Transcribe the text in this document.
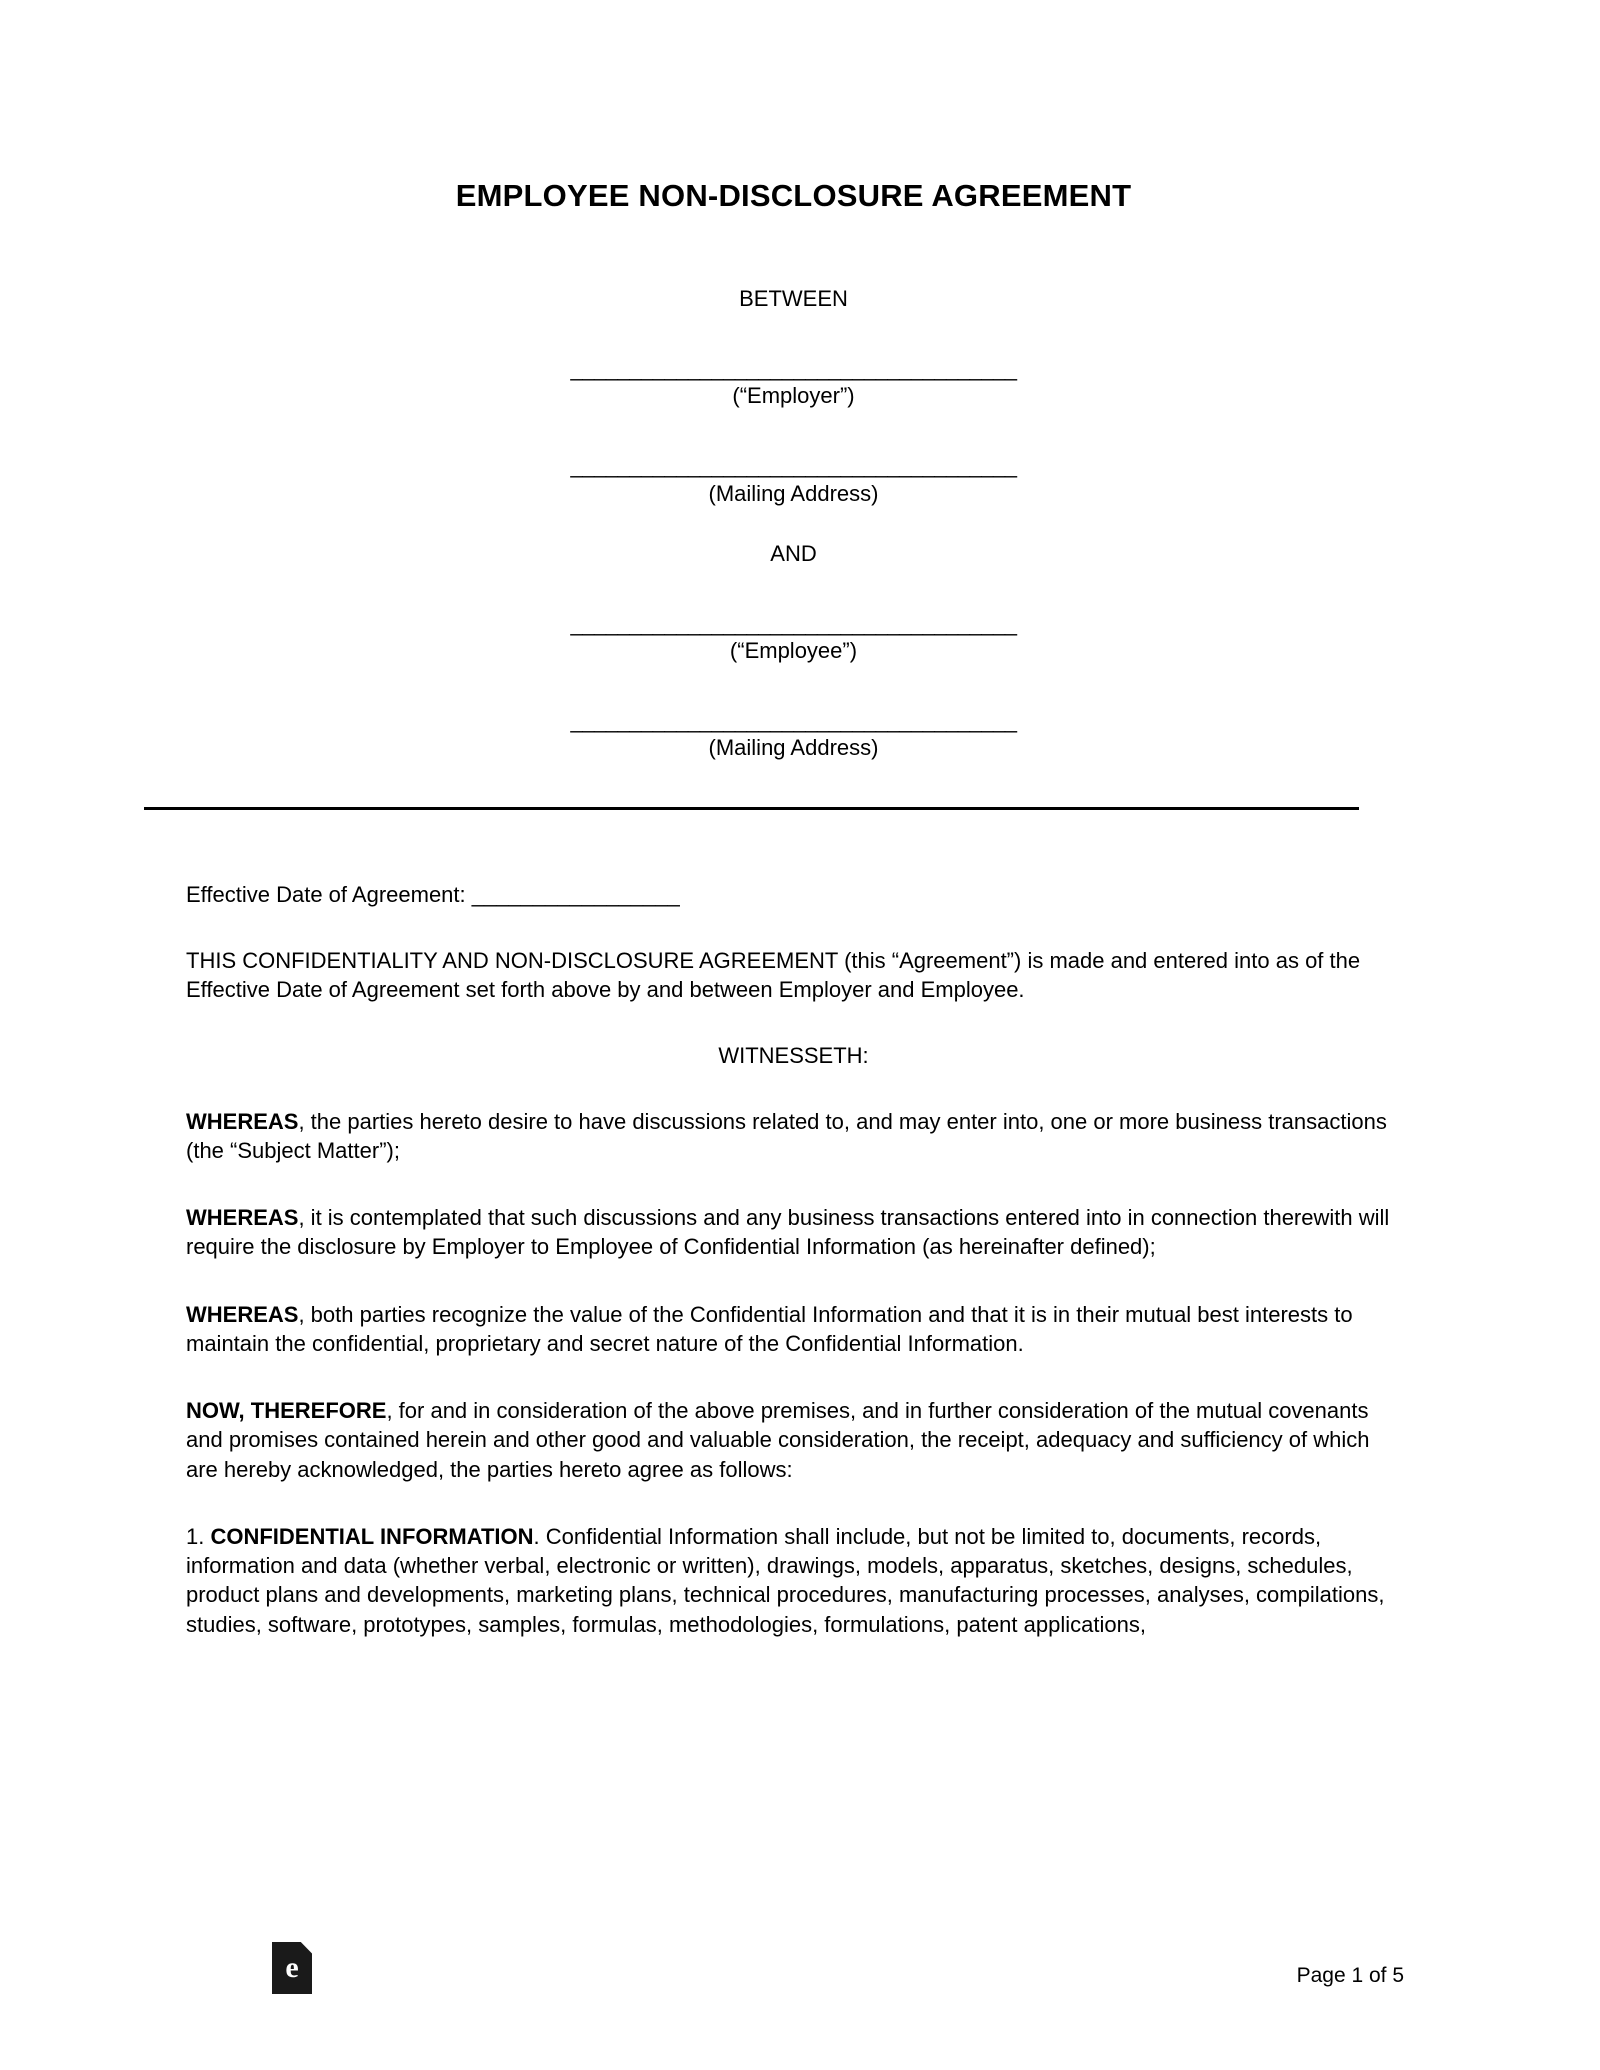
EMPLOYEE NON-DISCLOSURE AGREEMENT
BETWEEN
______________________________________
(“Employer”)
______________________________________
(Mailing Address)
AND
______________________________________
(“Employee”)
______________________________________
(Mailing Address)
Effective Date of Agreement: _________________
THIS CONFIDENTIALITY AND NON-DISCLOSURE AGREEMENT (this “Agreement”) is made and entered into as of the Effective Date of Agreement set forth above by and between Employer and Employee.
WITNESSETH:
WHEREAS, the parties hereto desire to have discussions related to, and may enter into, one or more business transactions (the “Subject Matter”);
WHEREAS, it is contemplated that such discussions and any business transactions entered into in connection therewith will require the disclosure by Employer to Employee of Confidential Information (as hereinafter defined);
WHEREAS, both parties recognize the value of the Confidential Information and that it is in their mutual best interests to maintain the confidential, proprietary and secret nature of the Confidential Information.
NOW, THEREFORE, for and in consideration of the above premises, and in further consideration of the mutual covenants and promises contained herein and other good and valuable consideration, the receipt, adequacy and sufficiency of which are hereby acknowledged, the parties hereto agree as follows:
1. CONFIDENTIAL INFORMATION. Confidential Information shall include, but not be limited to, documents, records, information and data (whether verbal, electronic or written), drawings, models, apparatus, sketches, designs, schedules, product plans and developments, marketing plans, technical procedures, manufacturing processes, analyses, compilations, studies, software, prototypes, samples, formulas, methodologies, formulations, patent applications,
e	Page 1 of 5
